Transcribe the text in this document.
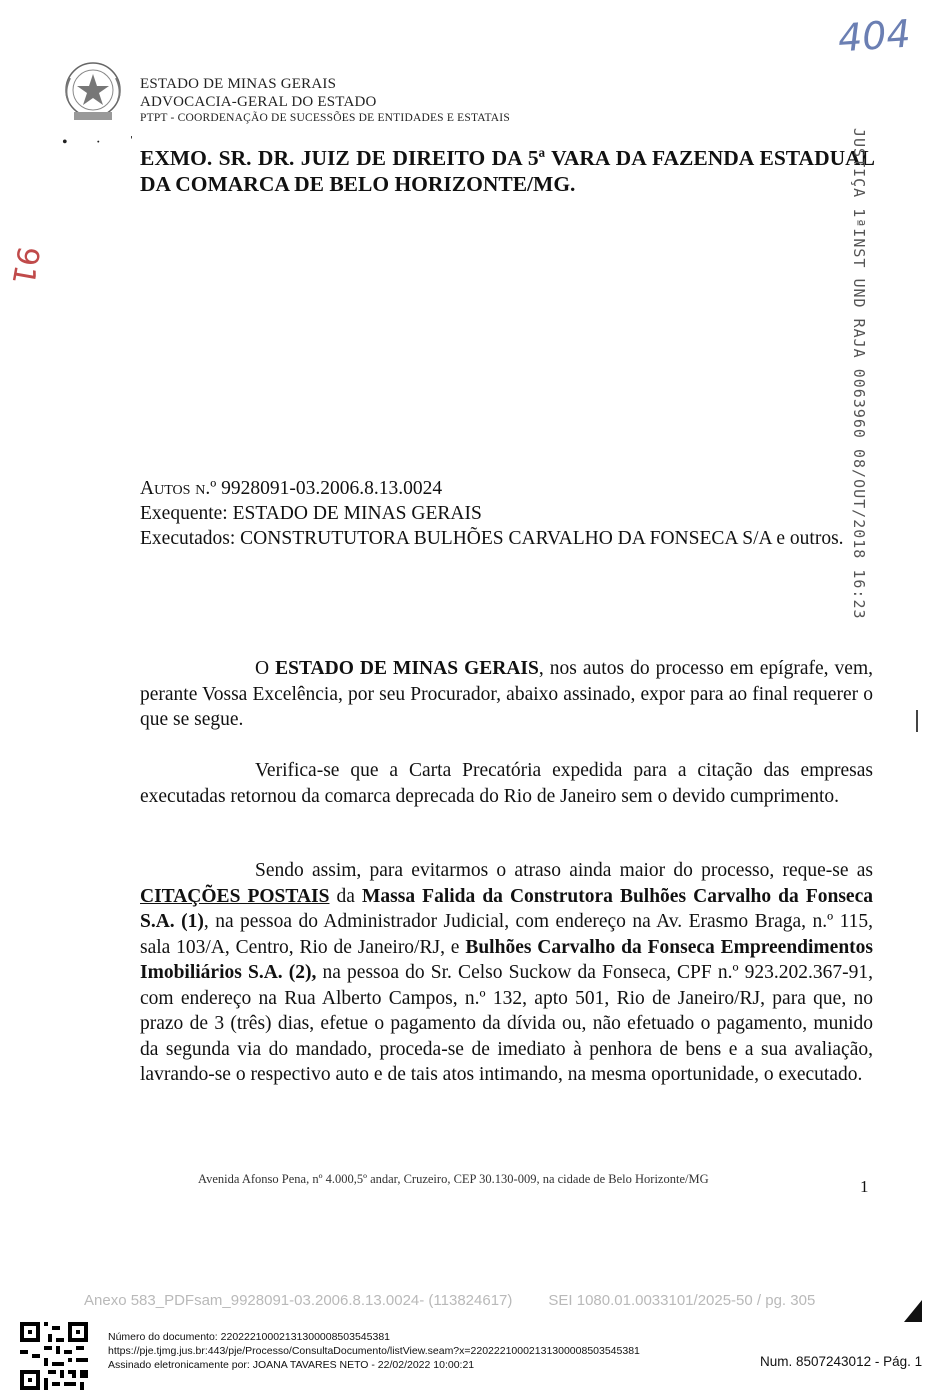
ESTADO DE MINAS GERAIS
ADVOCACIA-GERAL DO ESTADO
PTPT - COORDENAÇÃO DE SUCESSÕES DE ENTIDADES E ESTATAIS
404
91
• · ˈ
EXMO. SR. DR. JUIZ DE DIREITO DA 5ª VARA DA FAZENDA ESTADUAL DA COMARCA DE BELO HORIZONTE/MG.	JUSTIÇA 1ªINST UND RAJA 0063960 08/OUT/2018 16:23
Autos n.º 9928091-03.2006.8.13.0024
Exequente: ESTADO DE MINAS GERAIS
Executados: CONSTRUTUTORA BULHÕES CARVALHO DA FONSECA S/A e outros.
O ESTADO DE MINAS GERAIS, nos autos do processo em epígrafe, vem, perante Vossa Excelência, por seu Procurador, abaixo assinado, expor para ao final requerer o que se segue.
Verifica-se que a Carta Precatória expedida para a citação das empresas executadas retornou da comarca deprecada do Rio de Janeiro sem o devido cumprimento.
Sendo assim, para evitarmos o atraso ainda maior do processo, reque-se as CITAÇÕES POSTAIS da Massa Falida da Construtora Bulhões Carvalho da Fonseca S.A. (1), na pessoa do Administrador Judicial, com endereço na Av. Erasmo Braga, n.º 115, sala 103/A, Centro, Rio de Janeiro/RJ, e Bulhões Carvalho da Fonseca Empreendimentos Imobiliários S.A. (2), na pessoa do Sr. Celso Suckow da Fonseca, CPF n.º 923.202.367-91, com endereço na Rua Alberto Campos, n.º 132, apto 501, Rio de Janeiro/RJ, para que, no prazo de 3 (três) dias, efetue o pagamento da dívida ou, não efetuado o pagamento, munido da segunda via do mandado, proceda-se de imediato à penhora de bens e a sua avaliação, lavrando-se o respectivo auto e de tais atos intimando, na mesma oportunidade, o executado.
Avenida Afonso Pena, nº 4.000,5º andar, Cruzeiro, CEP 30.130-009, na cidade de Belo Horizonte/MG	1
Anexo 583_PDFsam_9928091-03.2006.8.13.0024- (113824617) SEI 1080.01.0033101/2025-50 / pg. 305
Número do documento: 22022210002131300008503545381
https://pje.tjmg.jus.br:443/pje/Processo/ConsultaDocumento/listView.seam?x=22022210002131300008503545381
Assinado eletronicamente por: JOANA TAVARES NETO - 22/02/2022 10:00:21	Num. 8507243012 - Pág. 1
